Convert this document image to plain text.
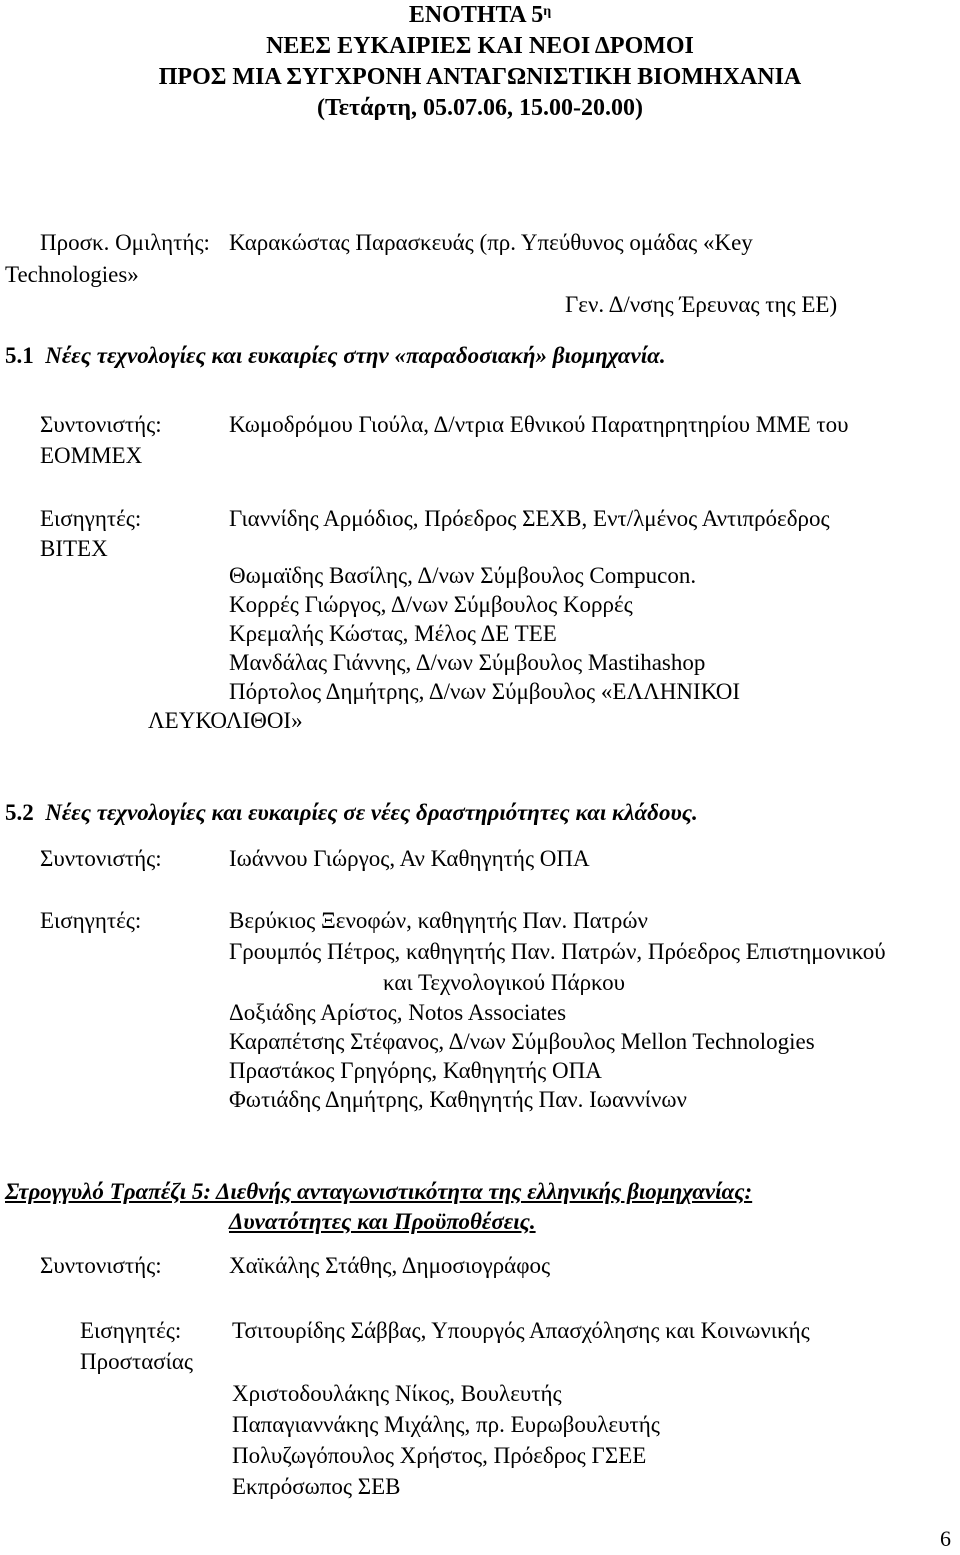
ΕΝΟΤΗΤΑ $5^\eta$
ΝΕΕΣ ΕΥΚΑΙΡΙΕΣ ΚΑΙ ΝΕΟΙ ΔΡΟΜΟΙ
ΠΡΟΣ ΜΙΑ ΣΥΓΧΡΟΝΗ ΑΝΤΑΓΩΝΙΣΤΙΚΗ ΒΙΟΜΗΧΑΝΙΑ
(Τετάρτη, 05.07.06, 15.00-20.00)
Προσκ. Ομιλητής: Καρακώστας Παρασκευάς (πρ. Υπεύθυνος ομάδας «Key
Technologies»
Γεν. Δ/νσης Έρευνας της ΕΕ)
5.1 Νέες τεχνολογίες και ευκαιρίες στην «παραδοσιακή» βιομηχανία.
Συντονιστής:	Κωμοδρόμου Γιούλα, Δ/ντρια Εθνικού Παρατηρητηρίου ΜΜΕ του
ΕΟΜΜΕΧ
Εισηγητές:	Γιαννίδης Αρμόδιος, Πρόεδρος ΣΕΧΒ, Εντ/λμένος Αντιπρόεδρος
ΒΙΤΕΧ
Θωμαϊδης Βασίλης, Δ/νων Σύμβουλος Compucon.
Κορρές Γιώργος, Δ/νων Σύμβουλος Κορρές
Κρεμαλής Κώστας, Μέλος ΔΕ ΤΕΕ
Μανδάλας Γιάννης, Δ/νων Σύμβουλος Mastihashop
Πόρτολος Δημήτρης, Δ/νων Σύμβουλος «ΕΛΛΗΝΙΚΟΙ
ΛΕΥΚΟΛΙΘΟΙ»
5.2 Νέες τεχνολογίες και ευκαιρίες σε νέες δραστηριότητες και κλάδους.
Συντονιστής:	Ιωάννου Γιώργος, Αν Καθηγητής ΟΠΑ
Εισηγητές:	Βερύκιος Ξενοφών, καθηγητής Παν. Πατρών
Γρουμπός Πέτρος, καθηγητής Παν. Πατρών, Πρόεδρος Επιστημονικού
και Τεχνολογικού Πάρκου
Δοξιάδης Αρίστος, Notos Associates
Καραπέτσης Στέφανος, Δ/νων Σύμβουλος Mellon Technologies
Πραστάκος Γρηγόρης, Καθηγητής ΟΠΑ
Φωτιάδης Δημήτρης, Καθηγητής Παν. Ιωαννίνων
Στρογγυλό Τραπέζι 5: Διεθνής ανταγωνιστικότητα της ελληνικής βιομηχανίας:
Δυνατότητες και Προϋποθέσεις.
Συντονιστής:	Χαϊκάλης Στάθης, Δημοσιογράφος
Εισηγητές: Τσιτουρίδης Σάββας, Υπουργός Απασχόλησης και Κοινωνικής
Προστασίας
Χριστοδουλάκης Νίκος, Βουλευτής
Παπαγιαννάκης Μιχάλης, πρ. Ευρωβουλευτής
Πολυζωγόπουλος Χρήστος, Πρόεδρος ΓΣΕΕ
Εκπρόσωπος ΣΕΒ
6
